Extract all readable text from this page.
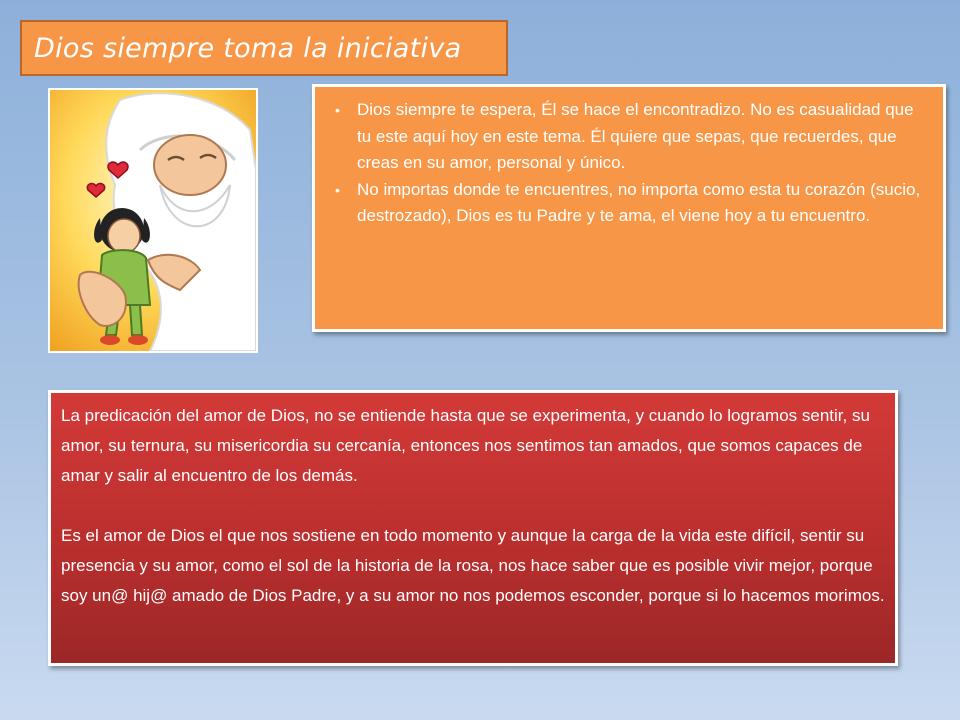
Dios siempre toma la iniciativa
• Dios siempre te espera, Él se hace el encontradizo. No es casualidad que tu este aquí hoy en este tema. Él quiere que sepas, que recuerdes, que creas en su amor, personal y único.
• No importas donde te encuentres, no importa como esta tu corazón (sucio, destrozado), Dios es tu Padre y te ama, el viene hoy a tu encuentro.

La predicación del amor de Dios, no se entiende hasta que se experimenta, y cuando lo logramos sentir, su amor, su ternura, su misericordia su cercanía, entonces nos sentimos tan amados, que somos capaces de amar y salir al encuentro de los demás.

Es el amor de Dios el que nos sostiene en todo momento y aunque la carga de la vida este difícil, sentir su presencia y su amor, como el sol de la historia de la rosa, nos hace saber que es posible vivir mejor, porque soy un@ hij@ amado de Dios Padre, y a su amor no nos podemos esconder, porque si lo hacemos morimos.
